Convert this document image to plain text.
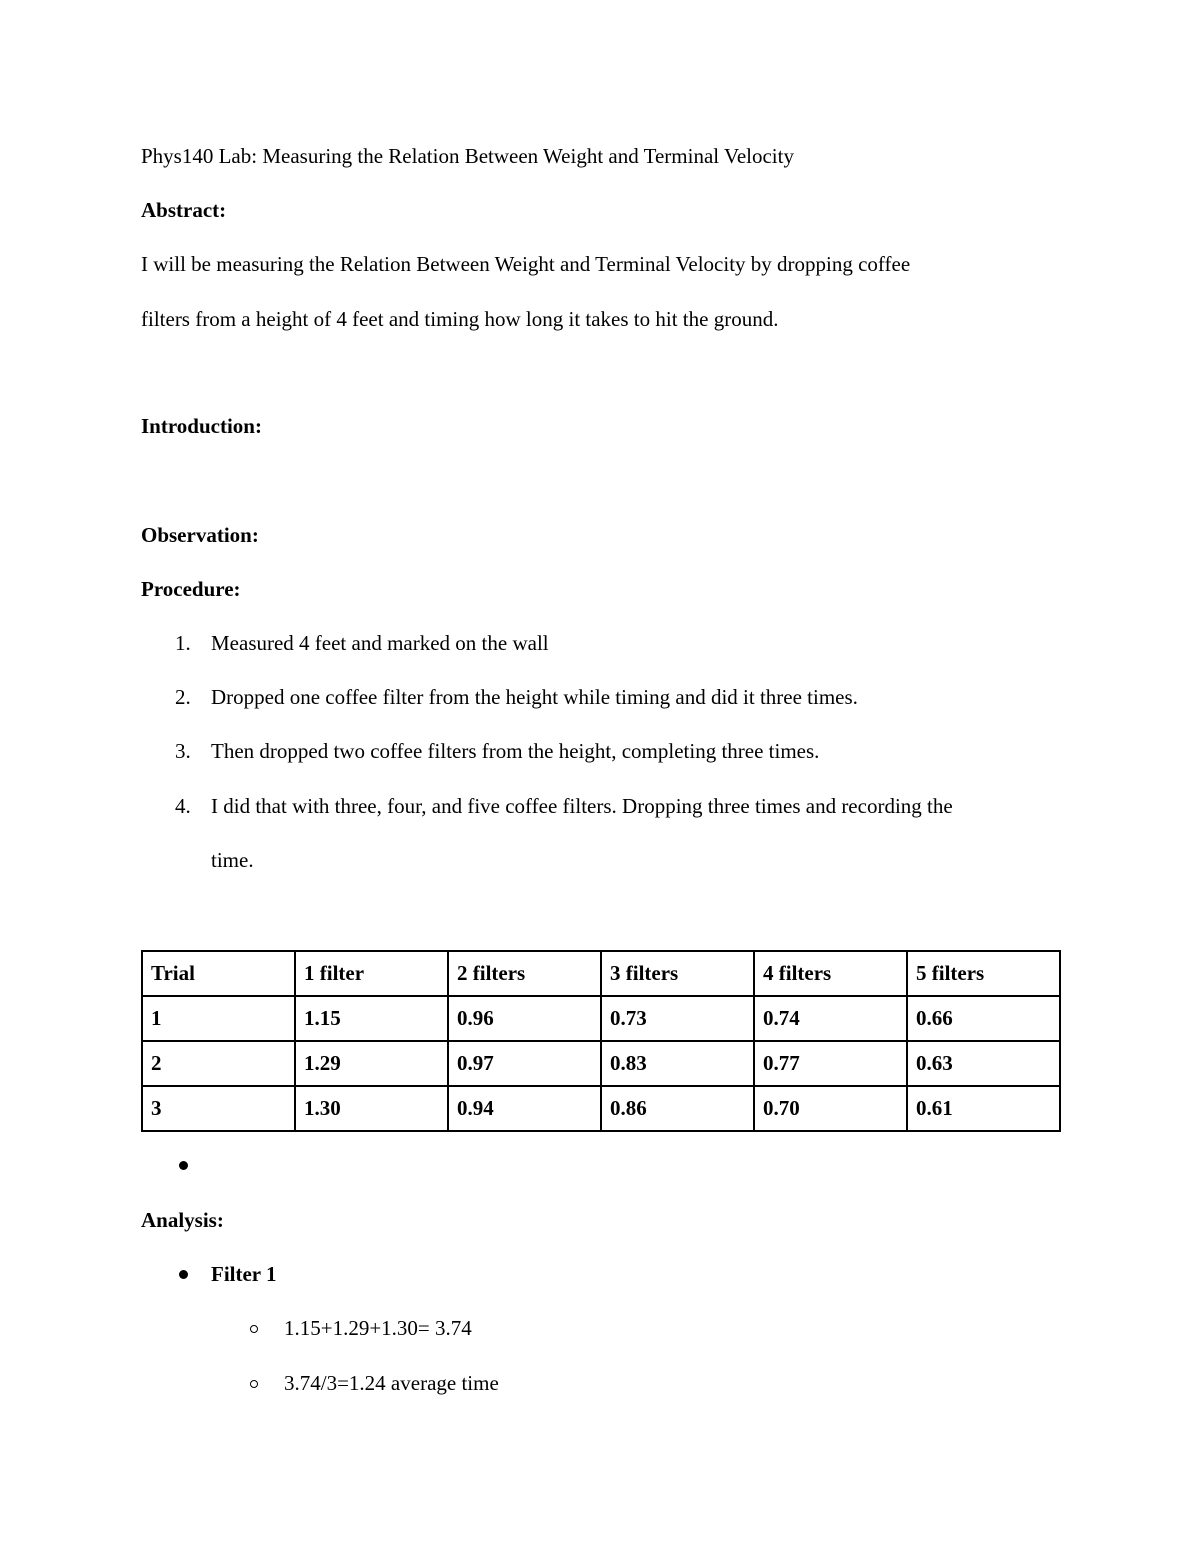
Phys140 Lab: Measuring the Relation Between Weight and Terminal Velocity
Abstract:
I will be measuring the Relation Between Weight and Terminal Velocity by dropping coffee
filters from a height of 4 feet and timing how long it takes to hit the ground.
Introduction:
Observation:
Procedure:
1. Measured 4 feet and marked on the wall
2. Dropped one coffee filter from the height while timing and did it three times.
3. Then dropped two coffee filters from the height, completing three times.
4. I did that with three, four, and five coffee filters. Dropping three times and recording the
time.
Trial	1 filter	2 filters	3 filters	4 filters	5 filters
1	1.15	0.96	0.73	0.74	0.66
2	1.29	0.97	0.83	0.77	0.63
3	1.30	0.94	0.86	0.70	0.61
Analysis:
Filter 1
1.15+1.29+1.30= 3.74
3.74/3=1.24 average time
